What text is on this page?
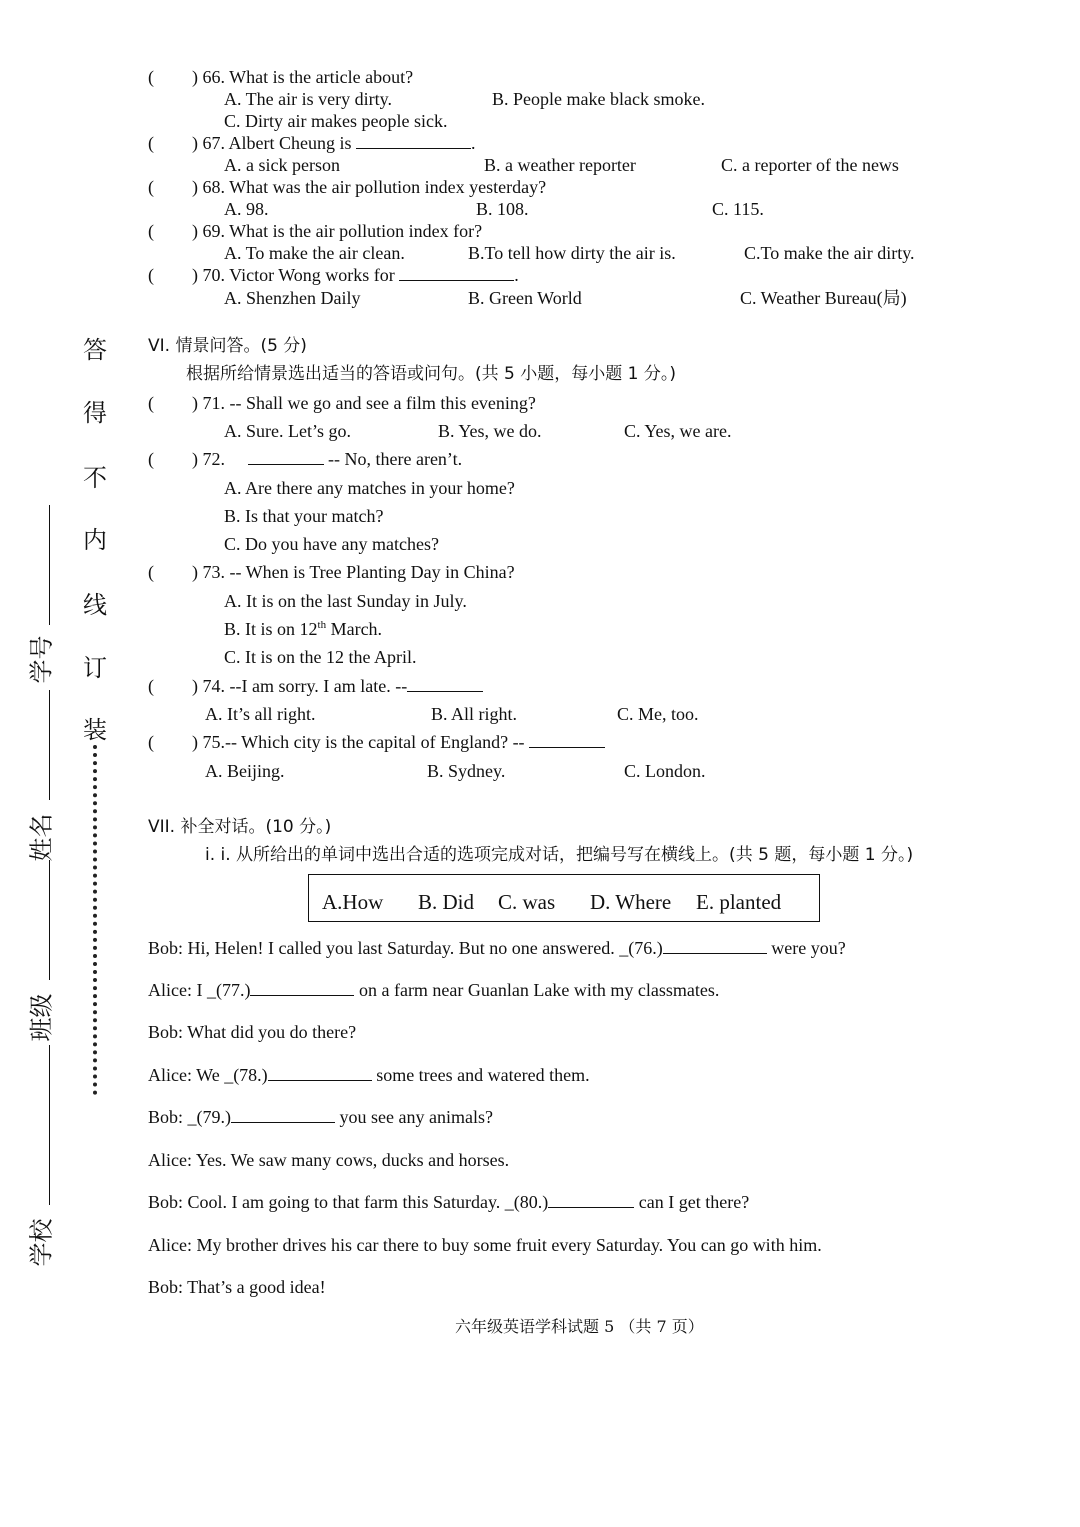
答
得
不
内
线
订
装
学校
班级
姓名
学号
( ) 66. What is the article about?
A. The air is very dirty.	B. People make black smoke.
C. Dirty air makes people sick.
( ) 67. Albert Cheung is	.
A. a sick person	B. a weather reporter	C. a reporter of the news
( ) 68. What was the air pollution index yesterday?
A. 98.	B. 108.	C. 115.
( ) 69. What is the air pollution index for?
A. To make the air clean.	B.To tell how dirty the air is.	C.To make the air dirty.
( ) 70. Victor Wong works for	.
A. Shenzhen Daily	B. Green World	C. Weather Bureau(局)
VI. 情景问答。(5 分)
根据所给情景选出适当的答语或问句。(共 5 小题，每小题 1 分。)
( ) 71. -- Shall we go and see a film this evening?
A. Sure. Let’s go.	B. Yes, we do.	C. Yes, we are.
( ) 72.	-- No, there aren’t.
A. Are there any matches in your home?
B. Is that your match?
C. Do you have any matches?
( ) 73. -- When is Tree Planting Day in China?
A. It is on the last Sunday in July.
B. It is on 12th March.
C. It is on the 12 the April.
( ) 74. --I am sorry. I am late. --
A. It’s all right.	B. All right.	C. Me, too.
( ) 75.-- Which city is the capital of England? --
A. Beijing.	B. Sydney.	C. London.
VII. 补全对话。(10 分。)
i. i. 从所给出的单词中选出合适的选项完成对话，把编号写在横线上。(共 5 题，每小题 1 分。)
A.How B. Did C. was D. Where E. planted
Bob: Hi, Helen! I called you last Saturday. But no one answered. _(76.)	were you?
Alice: I _(77.)	on a farm near Guanlan Lake with my classmates.
Bob: What did you do there?
Alice: We _(78.)	some trees and watered them.
Bob: _(79.)	you see any animals?
Alice: Yes. We saw many cows, ducks and horses.
Bob: Cool. I am going to that farm this Saturday. _(80.)	can I get there?
Alice: My brother drives his car there to buy some fruit every Saturday. You can go with him.
Bob: That’s a good idea!
六年级英语学科试题 5 （共 7 页）
